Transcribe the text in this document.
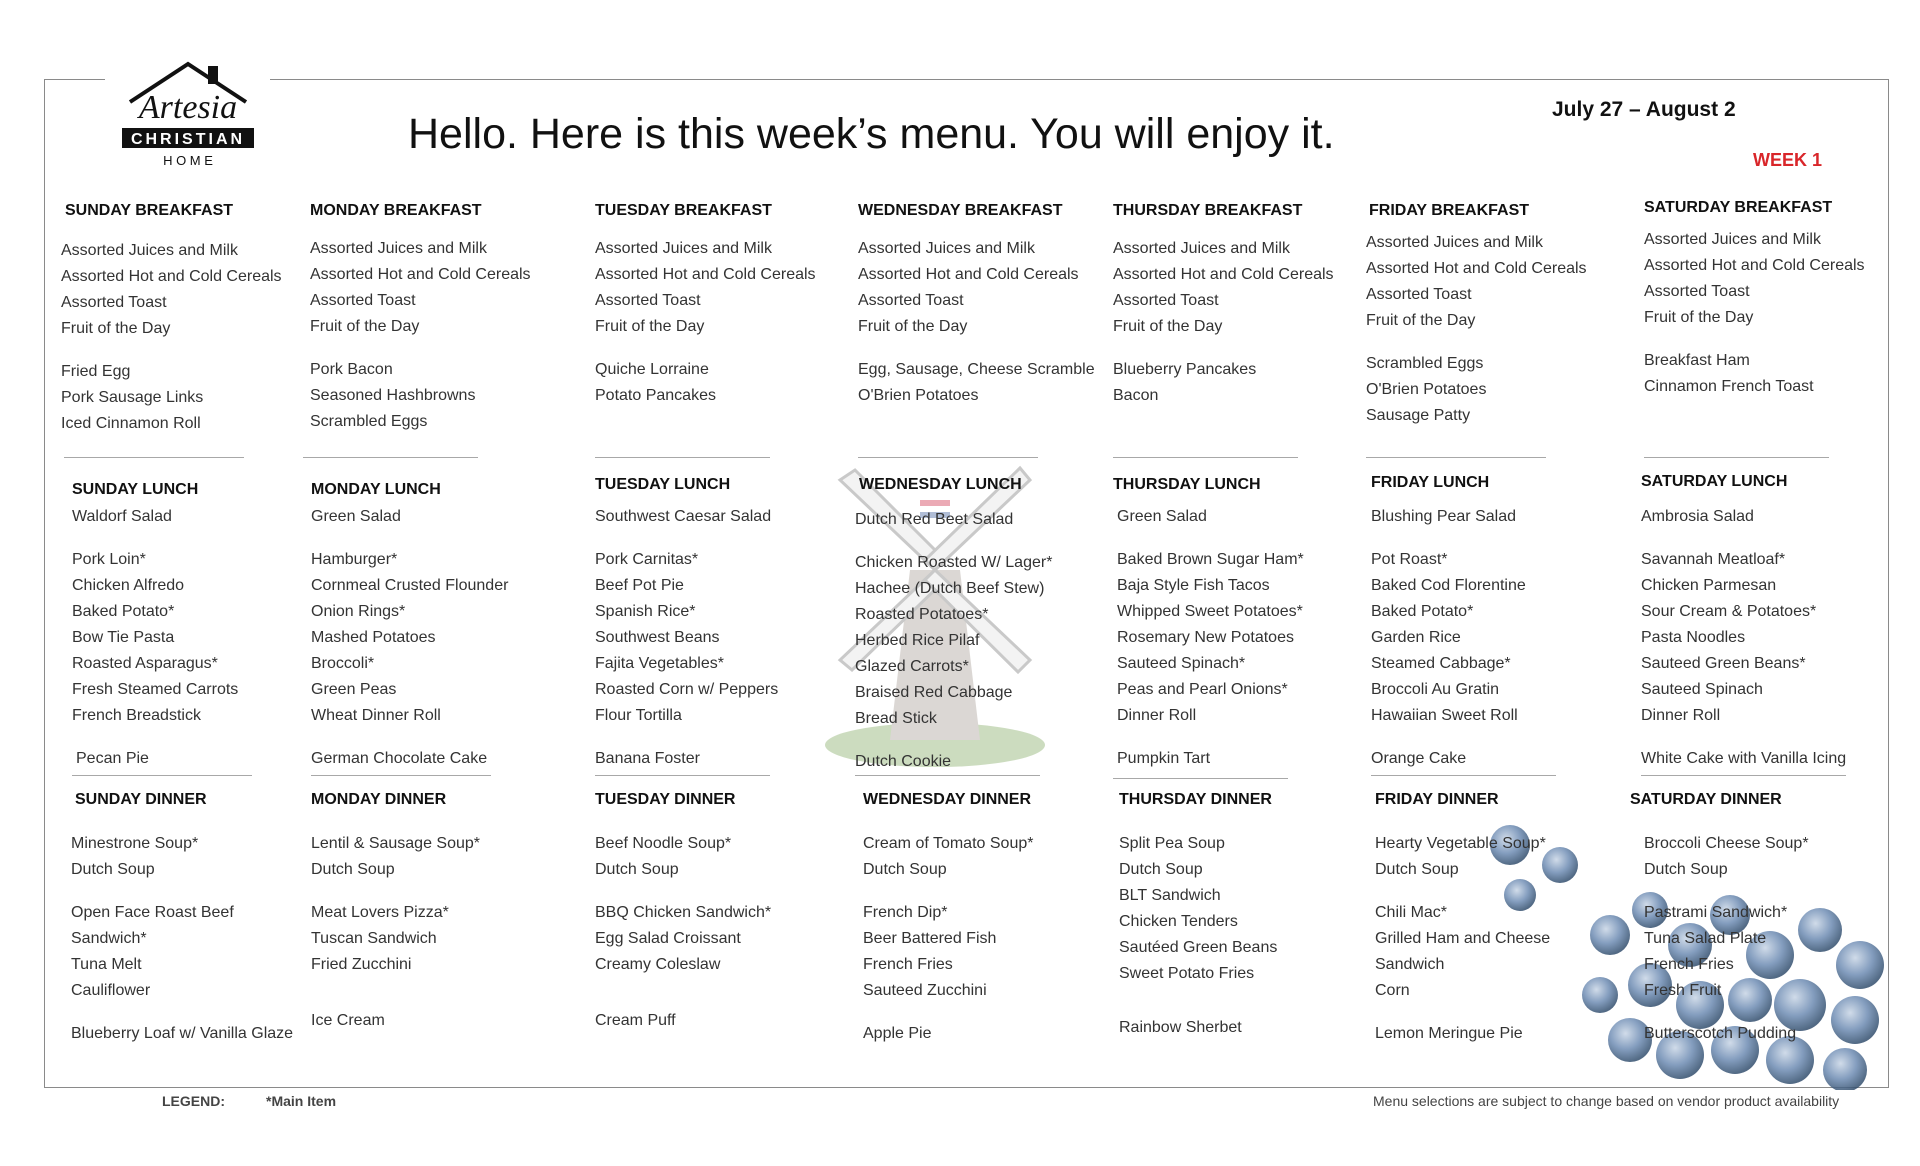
Artesia
CHRISTIAN
H O M E
Hello. Here is this week’s menu. You will enjoy it.
July 27 – August 2
WEEK 1
SUNDAY BREAKFAST
Assorted Juices and Milk
Assorted Hot and Cold Cereals
Assorted Toast
Fruit of the Day
Fried Egg
Pork Sausage Links
Iced Cinnamon Roll
MONDAY BREAKFAST
Assorted Juices and Milk
Assorted Hot and Cold Cereals
Assorted Toast
Fruit of the Day
Pork Bacon
Seasoned Hashbrowns
Scrambled Eggs
TUESDAY BREAKFAST
Assorted Juices and Milk
Assorted Hot and Cold Cereals
Assorted Toast
Fruit of the Day
Quiche Lorraine
Potato Pancakes
WEDNESDAY BREAKFAST
Assorted Juices and Milk
Assorted Hot and Cold Cereals
Assorted Toast
Fruit of the Day
Egg, Sausage, Cheese Scramble
O'Brien Potatoes
THURSDAY BREAKFAST
Assorted Juices and Milk
Assorted Hot and Cold Cereals
Assorted Toast
Fruit of the Day
Blueberry Pancakes
Bacon
FRIDAY BREAKFAST
Assorted Juices and Milk
Assorted Hot and Cold Cereals
Assorted Toast
Fruit of the Day
Scrambled Eggs
O'Brien Potatoes
Sausage Patty
SATURDAY BREAKFAST
Assorted Juices and Milk
Assorted Hot and Cold Cereals
Assorted Toast
Fruit of the Day
Breakfast Ham
Cinnamon French Toast
SUNDAY LUNCH
Waldorf Salad
Pork Loin*
Chicken Alfredo
Baked Potato*
Bow Tie Pasta
Roasted Asparagus*
Fresh Steamed Carrots
French Breadstick
Pecan Pie
MONDAY LUNCH
Green Salad
Hamburger*
Cornmeal Crusted Flounder
Onion Rings*
Mashed Potatoes
Broccoli*
Green Peas
Wheat Dinner Roll
German Chocolate Cake
TUESDAY LUNCH
Southwest Caesar Salad
Pork Carnitas*
Beef Pot Pie
Spanish Rice*
Southwest Beans
Fajita Vegetables*
Roasted Corn w/ Peppers
Flour Tortilla
Banana Foster
WEDNESDAY LUNCH
Dutch Red Beet Salad
Chicken Roasted W/ Lager*
Hachee (Dutch Beef Stew)
Roasted Potatoes*
Herbed Rice Pilaf
Glazed Carrots*
Braised Red Cabbage
Bread Stick
Dutch Cookie
THURSDAY LUNCH
Green Salad
Baked Brown Sugar Ham*
Baja Style Fish Tacos
Whipped Sweet Potatoes*
Rosemary New Potatoes
Sauteed Spinach*
Peas and Pearl Onions*
Dinner Roll
Pumpkin Tart
FRIDAY LUNCH
Blushing Pear Salad
Pot Roast*
Baked Cod Florentine
Baked Potato*
Garden Rice
Steamed Cabbage*
Broccoli Au Gratin
Hawaiian Sweet Roll
Orange Cake
SATURDAY LUNCH
Ambrosia Salad
Savannah Meatloaf*
Chicken Parmesan
Sour Cream & Potatoes*
Pasta Noodles
Sauteed Green Beans*
Sauteed Spinach
Dinner Roll
White Cake with Vanilla Icing
SUNDAY DINNER
Minestrone Soup*
Dutch Soup
Open Face Roast Beef
Sandwich*
Tuna Melt
Cauliflower
Blueberry Loaf w/ Vanilla Glaze
MONDAY DINNER
Lentil & Sausage Soup*
Dutch Soup
Meat Lovers Pizza*
Tuscan Sandwich
Fried Zucchini
Ice Cream
TUESDAY DINNER
Beef Noodle Soup*
Dutch Soup
BBQ Chicken Sandwich*
Egg Salad Croissant
Creamy Coleslaw
Cream Puff
WEDNESDAY DINNER
Cream of Tomato Soup*
Dutch Soup
French Dip*
Beer Battered Fish
French Fries
Sauteed Zucchini
Apple Pie
THURSDAY DINNER
Split Pea Soup
Dutch Soup
BLT Sandwich
Chicken Tenders
Sautéed Green Beans
Sweet Potato Fries
Rainbow Sherbet
FRIDAY DINNER
Hearty Vegetable Soup*
Dutch Soup
Chili Mac*
Grilled Ham and Cheese
Sandwich
Corn
Lemon Meringue Pie
SATURDAY DINNER
Broccoli Cheese Soup*
Dutch Soup
Pastrami Sandwich*
Tuna Salad Plate
French Fries
Fresh Fruit
Butterscotch Pudding
LEGEND:	*Main Item	Menu selections are subject to change based on vendor product availability
